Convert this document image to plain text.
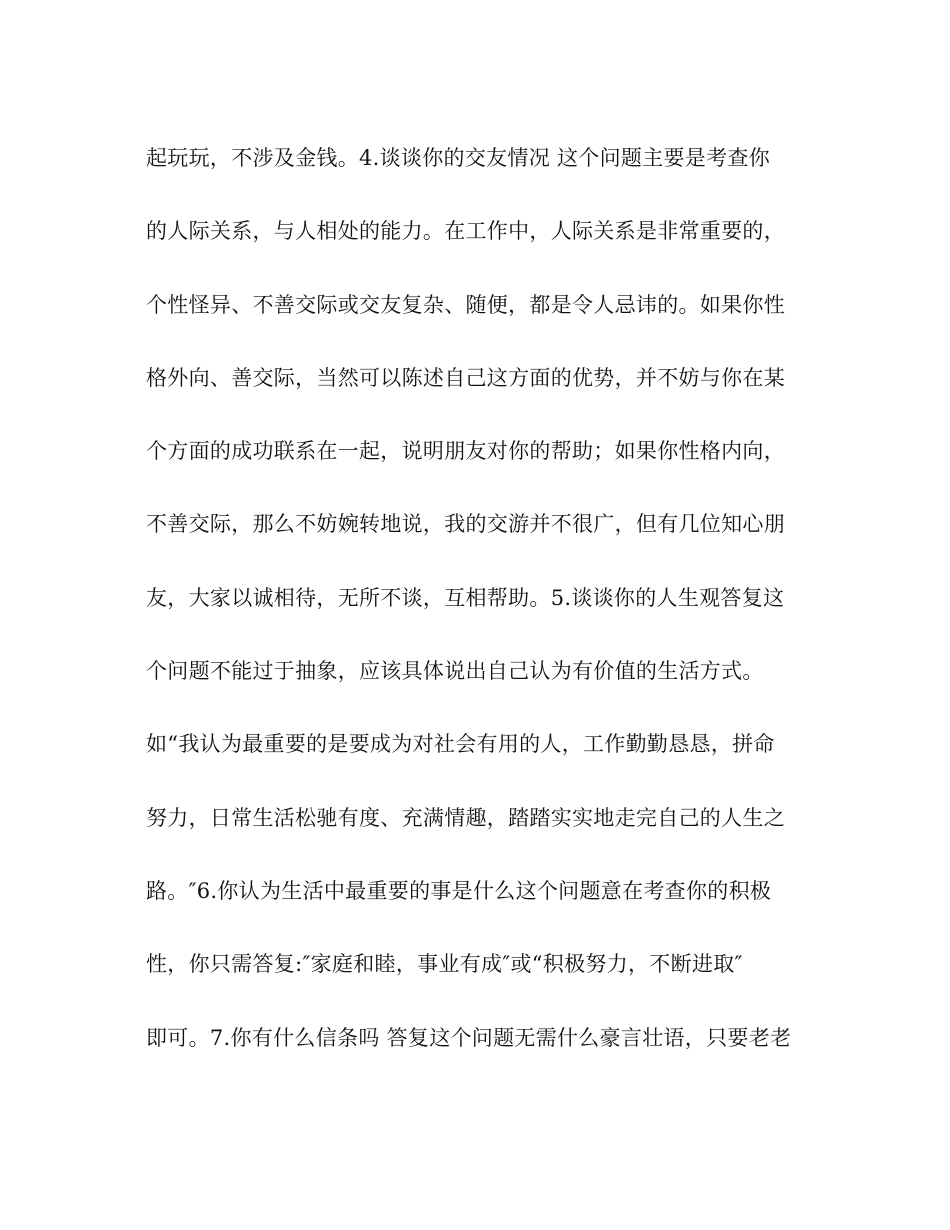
起玩玩，不涉及金钱。4.谈谈你的交友情况 这个问题主要是考查你
的人际关系，与人相处的能力。在工作中，人际关系是非常重要的，
个性怪异、不善交际或交友复杂、随便，都是令人忌讳的。如果你性
格外向、善交际，当然可以陈述自己这方面的优势，并不妨与你在某
个方面的成功联系在一起，说明朋友对你的帮助；如果你性格内向，
不善交际，那么不妨婉转地说，我的交游并不很广，但有几位知心朋
友，大家以诚相待，无所不谈，互相帮助。5.谈谈你的人生观答复这
个问题不能过于抽象，应该具体说出自己认为有价值的生活方式。
如“我认为最重要的是要成为对社会有用的人，工作勤勤恳恳，拼命
努力，日常生活松驰有度、充满情趣，踏踏实实地走完自己的人生之
路。″6.你认为生活中最重要的事是什么这个问题意在考查你的积极
性，你只需答复:″家庭和睦，事业有成″或“积极努力，不断进取″
即可。7.你有什么信条吗 答复这个问题无需什么豪言壮语，只要老老
